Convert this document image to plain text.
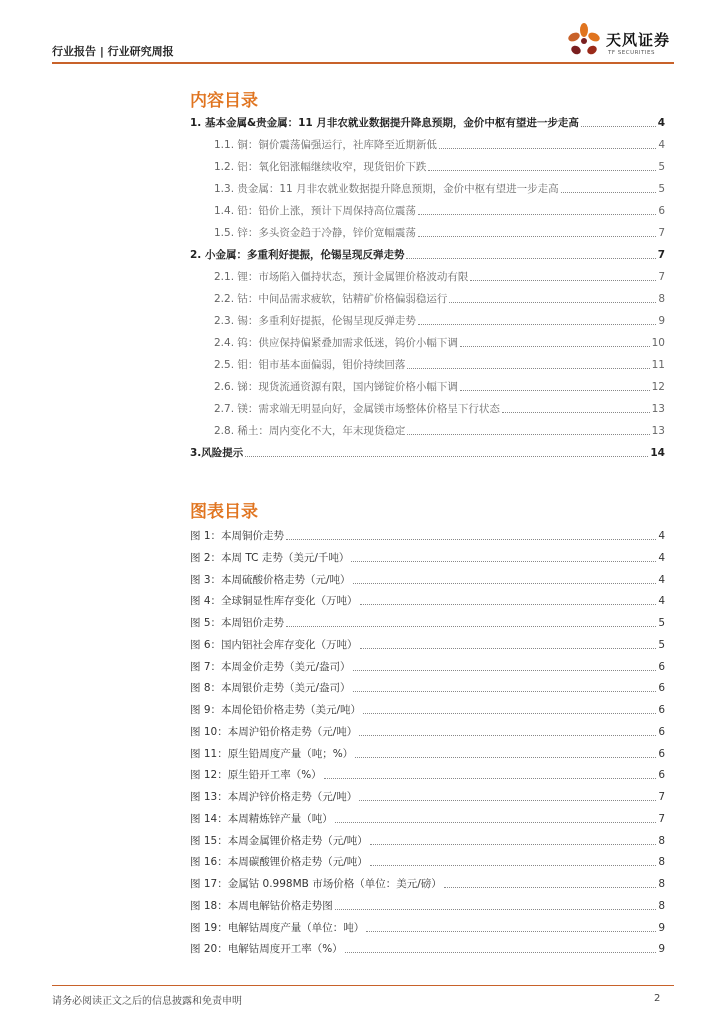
行业报告 | 行业研究周报
天风证券
TF SECURITIES
内容目录
1. 基本金属&贵金属：11 月非农就业数据提升降息预期，金价中枢有望进一步走高	4
1.1. 铜：铜价震荡偏强运行，社库降至近期新低	4
1.2. 铝：氧化铝涨幅继续收窄，现货铝价下跌	5
1.3. 贵金属：11 月非农就业数据提升降息预期，金价中枢有望进一步走高	5
1.4. 铅：铅价上涨，预计下周保持高位震荡	6
1.5. 锌：多头资金趋于冷静，锌价宽幅震荡	7
2. 小金属：多重利好提振，伦锡呈现反弹走势	7
2.1. 锂：市场陷入僵持状态，预计金属锂价格波动有限	7
2.2. 钴：中间品需求疲软，钴精矿价格偏弱稳运行	8
2.3. 锡：多重利好提振，伦锡呈现反弹走势	9
2.4. 钨：供应保持偏紧叠加需求低迷，钨价小幅下调	10
2.5. 钼：钼市基本面偏弱，钼价持续回落	11
2.6. 锑：现货流通资源有限，国内锑锭价格小幅下调	12
2.7. 镁：需求端无明显向好，金属镁市场整体价格呈下行状态	13
2.8. 稀土：周内变化不大，年末现货稳定	13
3.风险提示	14
图表目录
图 1：本周铜价走势	4
图 2：本周 TC 走势（美元/千吨）	4
图 3：本周硫酸价格走势（元/吨）	4
图 4：全球铜显性库存变化（万吨）	4
图 5：本周铝价走势	5
图 6：国内铝社会库存变化（万吨）	5
图 7：本周金价走势（美元/盎司）	6
图 8：本周银价走势（美元/盎司）	6
图 9：本周伦铅价格走势（美元/吨）	6
图 10：本周沪铅价格走势（元/吨）	6
图 11：原生铅周度产量（吨；%）	6
图 12：原生铅开工率（%）	6
图 13：本周沪锌价格走势（元/吨）	7
图 14：本周精炼锌产量（吨）	7
图 15：本周金属锂价格走势（元/吨）	8
图 16：本周碳酸锂价格走势（元/吨）	8
图 17：金属钴 0.998MB 市场价格（单位：美元/磅）	8
图 18：本周电解钴价格走势图	8
图 19：电解钴周度产量（单位：吨）	9
图 20：电解钴周度开工率（%）	9
请务必阅读正文之后的信息披露和免责申明	2
